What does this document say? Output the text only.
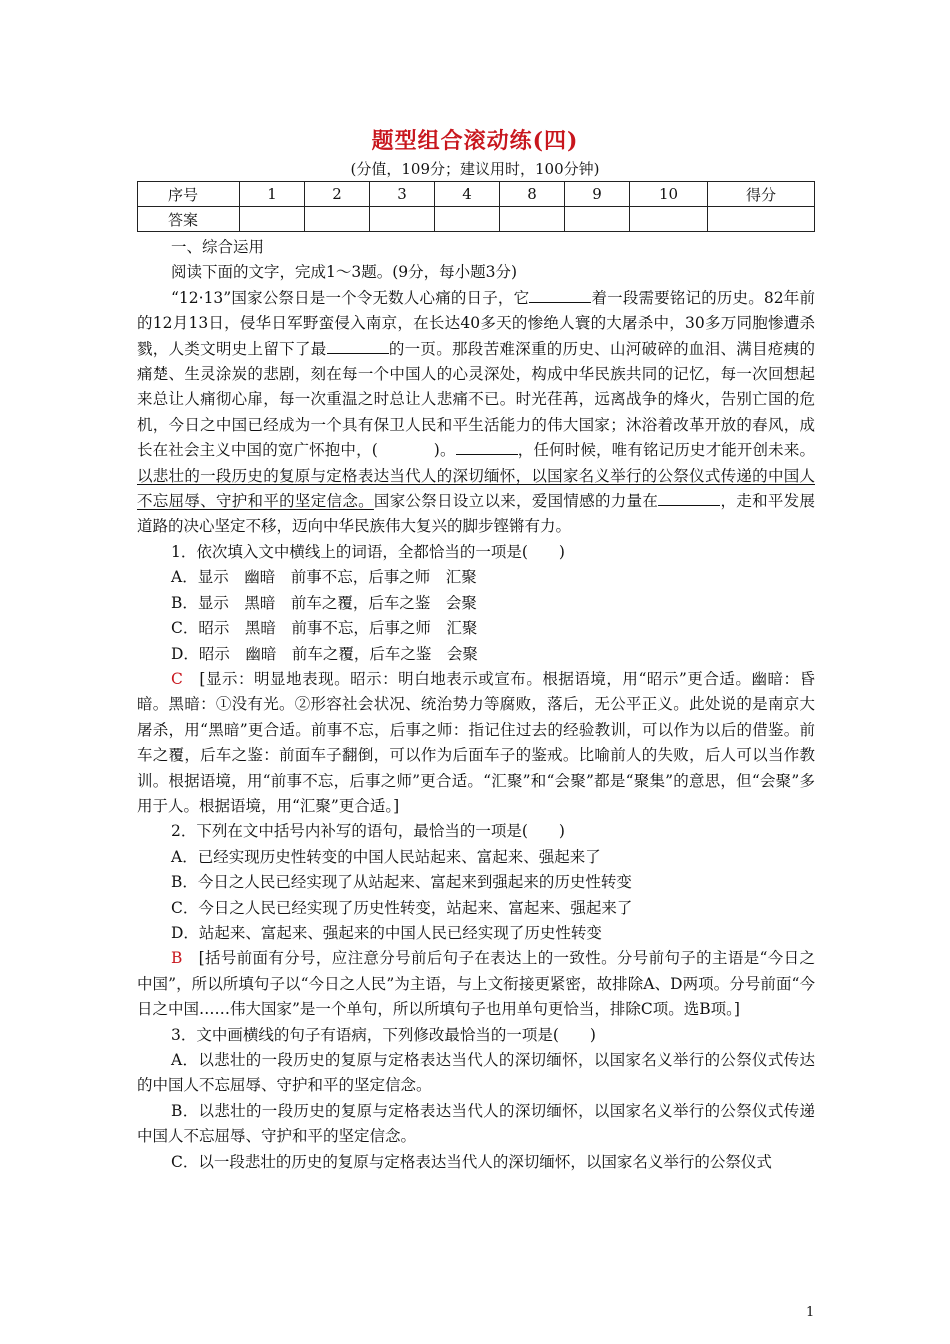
题型组合滚动练(四)
(分值，109分；建议用时，100分钟)
序号	1	2	3	4	8	9	10	得分
答案								

一、综合运用

阅读下面的文字，完成1～3题。(9分，每小题3分)

“12·13”国家公祭日是一个令无数人心痛的日子，它	着一段需要铭记的历史。82年前的12月13日，侵华日军野蛮侵入南京，在长达40多天的惨绝人寰的大屠杀中，30多万同胞惨遭杀戮，人类文明史上留下了最	的一页。那段苦难深重的历史、山河破碎的血泪、满目疮痍的痛楚、生灵涂炭的悲剧，刻在每一个中国人的心灵深处，构成中华民族共同的记忆，每一次回想起来总让人痛彻心扉，每一次重温之时总让人悲痛不已。时光荏苒，远离战争的烽火，告别亡国的危机，今日之中国已经成为一个具有保卫人民和平生活能力的伟大国家；沐浴着改革开放的春风，成长在社会主义中国的宽广怀抱中，(	)。	，任何时候，唯有铭记历史才能开创未来。以悲壮的一段历史的复原与定格表达当代人的深切缅怀，以国家名义举行的公祭仪式传递的中国人不忘屈辱、守护和平的坚定信念。国家公祭日设立以来，爱国情感的力量在	，走和平发展道路的决心坚定不移，迈向中华民族伟大复兴的脚步铿锵有力。

1．依次填入文中横线上的词语，全都恰当的一项是(　　)

A．显示　幽暗　前事不忘，后事之师　汇聚

B．显示　黑暗　前车之覆，后车之鉴　会聚

C．昭示　黑暗　前事不忘，后事之师　汇聚

D．昭示　幽暗　前车之覆，后车之鉴　会聚

C　[显示：明显地表现。昭示：明白地表示或宣布。根据语境，用“昭示”更合适。幽暗：昏暗。黑暗：①没有光。②形容社会状况、统治势力等腐败，落后，无公平正义。此处说的是南京大屠杀，用“黑暗”更合适。前事不忘，后事之师：指记住过去的经验教训，可以作为以后的借鉴。前车之覆，后车之鉴：前面车子翻倒，可以作为后面车子的鉴戒。比喻前人的失败，后人可以当作教训。根据语境，用“前事不忘，后事之师”更合适。“汇聚”和“会聚”都是“聚集”的意思，但“会聚”多用于人。根据语境，用“汇聚”更合适。]

2．下列在文中括号内补写的语句，最恰当的一项是(　　)

A．已经实现历史性转变的中国人民站起来、富起来、强起来了

B．今日之人民已经实现了从站起来、富起来到强起来的历史性转变

C．今日之人民已经实现了历史性转变，站起来、富起来、强起来了

D．站起来、富起来、强起来的中国人民已经实现了历史性转变

B　[括号前面有分号，应注意分号前后句子在表达上的一致性。分号前句子的主语是“今日之中国”，所以所填句子以“今日之人民”为主语，与上文衔接更紧密，故排除A、D两项。分号前面“今日之中国……伟大国家”是一个单句，所以所填句子也用单句更恰当，排除C项。选B项。]

3．文中画横线的句子有语病，下列修改最恰当的一项是(　　)

A．以悲壮的一段历史的复原与定格表达当代人的深切缅怀，以国家名义举行的公祭仪式传达的中国人不忘屈辱、守护和平的坚定信念。

B．以悲壮的一段历史的复原与定格表达当代人的深切缅怀，以国家名义举行的公祭仪式传递中国人不忘屈辱、守护和平的坚定信念。

C．以一段悲壮的历史的复原与定格表达当代人的深切缅怀，以国家名义举行的公祭仪式

1
